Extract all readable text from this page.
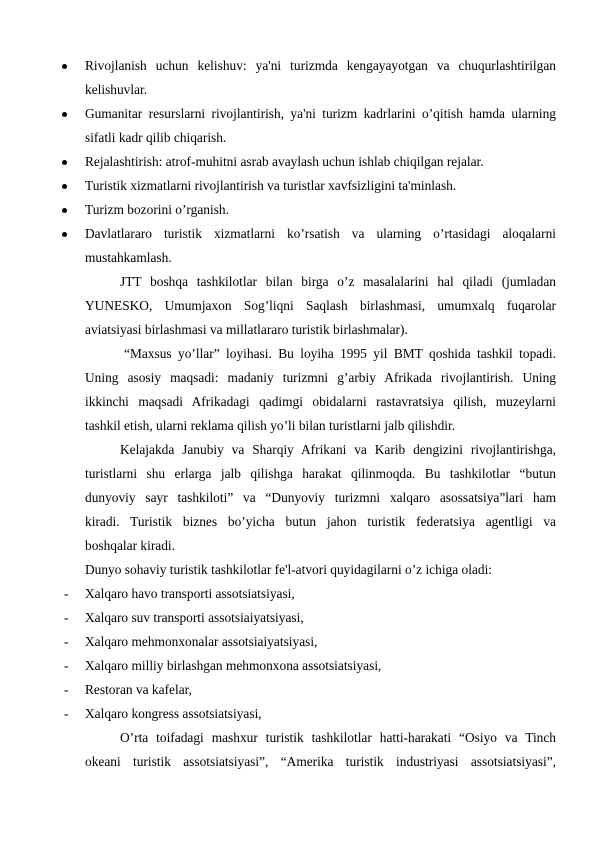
Rivojlanish uchun kelishuv: ya'ni turizmda kengayayotgan va chuqurlashtirilgan
kelishuvlar.
Gumanitar resurslarni rivojlantirish, ya'ni turizm kadrlarini o’qitish hamda ularning
sifatli kadr qilib chiqarish.
Rejalashtirish: atrof-muhitni asrab avaylash uchun ishlab chiqilgan rejalar.
Turistik xizmatlarni rivojlantirish va turistlar xavfsizligini ta'minlash.
Turizm bozorini o’rganish.
Davlatlararo turistik xizmatlarni ko’rsatish va ularning o’rtasidagi aloqalarni
mustahkamlash.
JTT boshqa tashkilotlar bilan birga o’z masalalarini hal qiladi (jumladan
YUNESKO, Umumjaxon Sog’liqni Saqlash birlashmasi, umumxalq fuqarolar
aviatsiyasi birlashmasi va millatlararo turistik birlashmalar).
“Maxsus yo’llar” loyihasi. Bu loyiha 1995 yil BMT qoshida tashkil topadi.
Uning asosiy maqsadi: madaniy turizmni g’arbiy Afrikada rivojlantirish. Uning
ikkinchi maqsadi Afrikadagi qadimgi obidalarni rastavratsiya qilish, muzeylarni
tashkil etish, ularni reklama qilish yo’li bilan turistlarni jalb qilishdir.
Kelajakda Janubiy va Sharqiy Afrikani va Karib dengizini rivojlantirishga,
turistlarni shu erlarga jalb qilishga harakat qilinmoqda. Bu tashkilotlar “butun
dunyoviy sayr tashkiloti” va “Dunyoviy turizmni xalqaro asossatsiya”lari ham
kiradi. Turistik biznes bo’yicha butun jahon turistik federatsiya agentligi va
boshqalar kiradi.
Dunyo sohaviy turistik tashkilotlar fe'l-atvori quyidagilarni o’z ichiga oladi:
- Xalqaro havo transporti assotsiatsiyasi,
- Xalqaro suv transporti assotsiaiyatsiyasi,
- Xalqaro mehmonxonalar assotsiaiyatsiyasi,
- Xalqaro milliy birlashgan mehmonxona assotsiatsiyasi,
- Restoran va kafelar,
- Xalqaro kongress assotsiatsiyasi,
O’rta toifadagi mashxur turistik tashkilotlar hatti-harakati “Osiyo va Tinch
okeani turistik assotsiatsiyasi”, “Amerika turistik industriyasi assotsiatsiyasi”,
